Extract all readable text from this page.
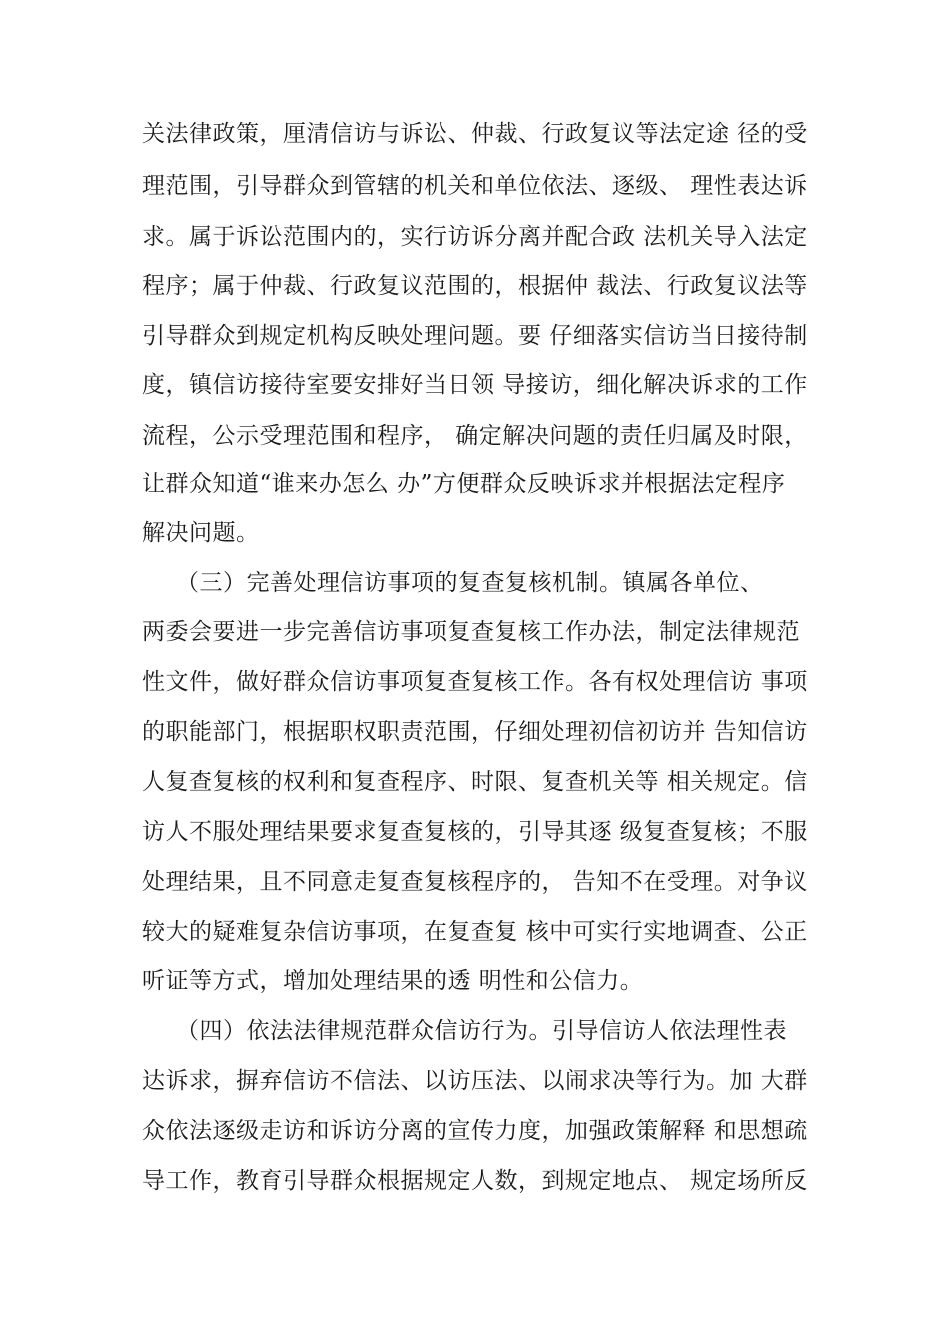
关法律政策，厘清信访与诉讼、仲裁、行政复议等法定途 径的受
理范围，引导群众到管辖的机关和单位依法、逐级、 理性表达诉
求。属于诉讼范围内的，实行访诉分离并配合政 法机关导入法定
程序；属于仲裁、行政复议范围的，根据仲 裁法、行政复议法等
引导群众到规定机构反映处理问题。要 仔细落实信访当日接待制
度，镇信访接待室要安排好当日领 导接访，细化解决诉求的工作
流程，公示受理范围和程序， 确定解决问题的责任归属及时限，
让群众知道“谁来办怎么 办”方便群众反映诉求并根据法定程序
解决问题。
（三）完善处理信访事项的复查复核机制。镇属各单位、
两委会要进一步完善信访事项复查复核工作办法，制定法律规范
性文件，做好群众信访事项复查复核工作。各有权处理信访 事项
的职能部门，根据职权职责范围，仔细处理初信初访并 告知信访
人复查复核的权利和复查程序、时限、复查机关等 相关规定。信
访人不服处理结果要求复查复核的，引导其逐 级复查复核；不服
处理结果，且不同意走复查复核程序的， 告知不在受理。对争议
较大的疑难复杂信访事项，在复查复 核中可实行实地调查、公正
听证等方式，增加处理结果的透 明性和公信力。
（四）依法法律规范群众信访行为。引导信访人依法理性表
达诉求，摒弃信访不信法、以访压法、以闹求决等行为。加 大群
众依法逐级走访和诉访分离的宣传力度，加强政策解释 和思想疏
导工作，教育引导群众根据规定人数，到规定地点、 规定场所反
